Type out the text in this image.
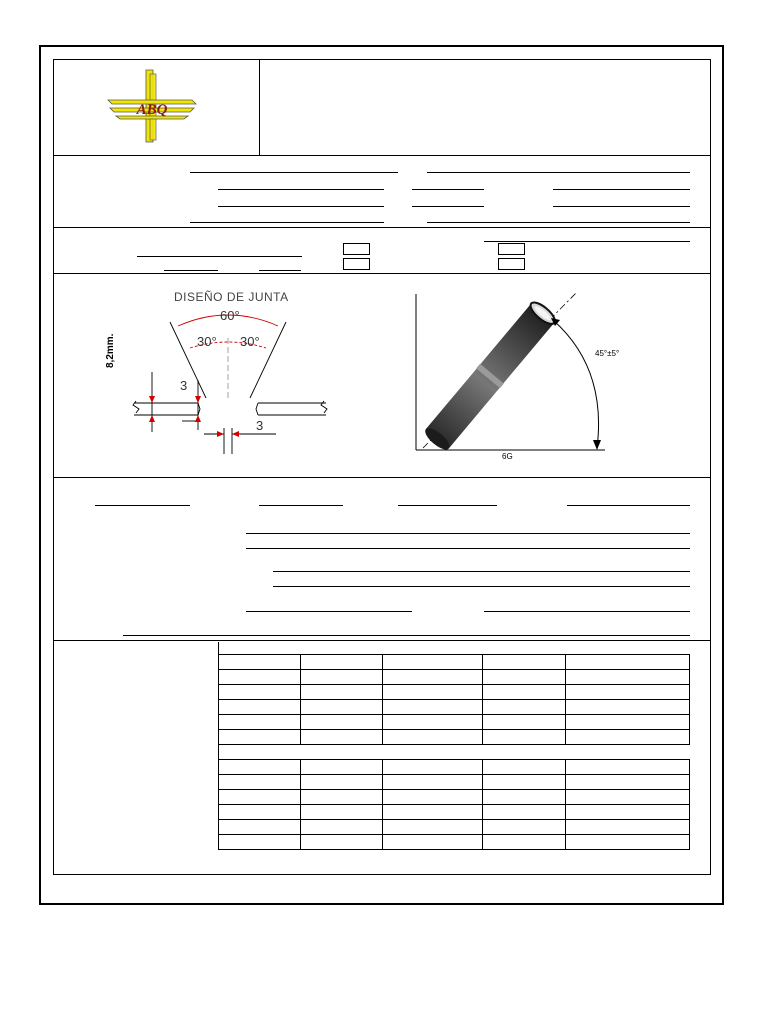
ABQ
DISEÑO DE JUNTA
60°
30° 30°
8,2mm.
3
3
45°±5°
6G
